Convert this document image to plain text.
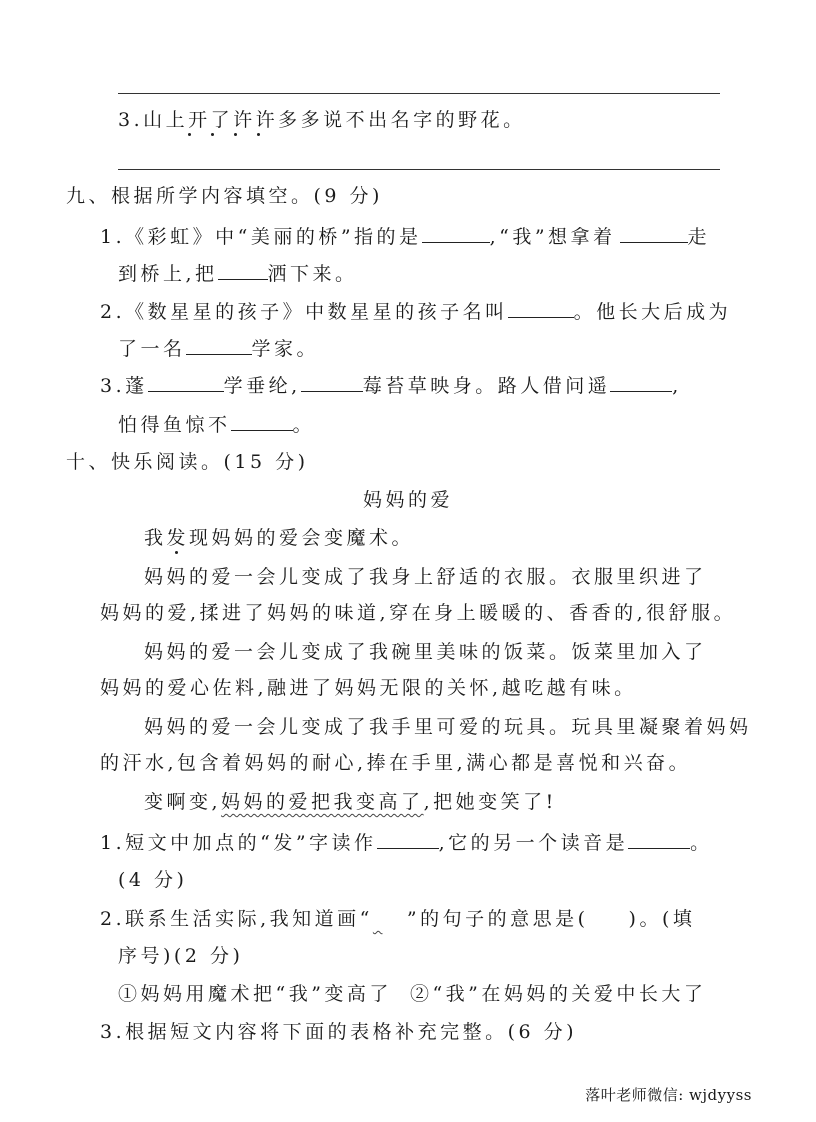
3.山上开了许许多多说不出名字的野花。
九、根据所学内容填空。(9 分)
1.《彩虹》中“美丽的桥”指的是	,“我”想拿着	走
到桥上,把	洒下来。
2.《数星星的孩子》中数星星的孩子名叫	。他长大后成为
了一名	学家。
3.蓬	学垂纶,	莓苔草映身。路人借问遥	,
怕得鱼惊不	。
十、快乐阅读。(15 分)
妈妈的爱
我发
现妈妈的爱会变魔术。
妈妈的爱一会儿变成了我身上舒适的衣服。衣服里织进了
妈妈的爱,揉进了妈妈的味道,穿在身上暖暖的、香香的,很舒服。
妈妈的爱一会儿变成了我碗里美味的饭菜。饭菜里加入了
妈妈的爱心佐料,融进了妈妈无限的关怀,越吃越有味。
妈妈的爱一会儿变成了我手里可爱的玩具。玩具里凝聚着妈妈
的汗水,包含着妈妈的耐心,捧在手里,满心都是喜悦和兴奋。
变啊变,妈妈的爱把我变高了,把她变笑了!
1.短文中加点的“发”字读作	,它的另一个读音是	。
(4 分)
2.联系生活实际,我知道画“ ”的句子的意思是( )。(填
序号)(2 分)
①妈妈用魔术把“我”变高了 ②“我”在妈妈的关爱中长大了
3.根据短文内容将下面的表格补充完整。(6 分)
落叶老师微信: wjdyyss
